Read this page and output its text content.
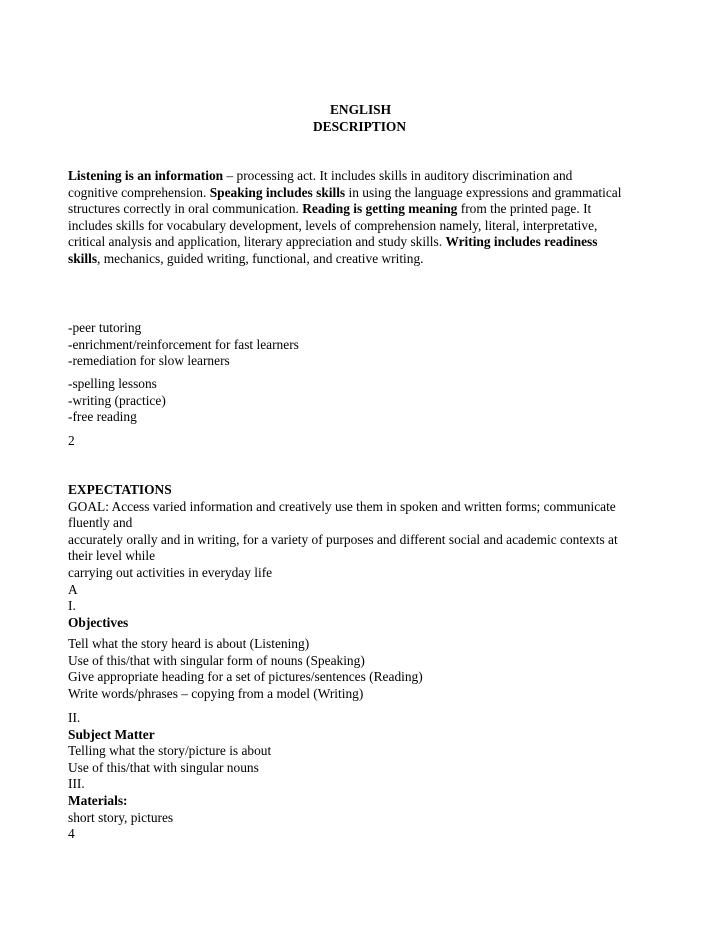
ENGLISH
DESCRIPTION
Listening is an information – processing act. It includes skills in auditory discrimination and
cognitive comprehension. Speaking includes skills in using the language expressions and grammatical
structures correctly in oral communication. Reading is getting meaning from the printed page. It
includes skills for vocabulary development, levels of comprehension namely, literal, interpretative,
critical analysis and application, literary appreciation and study skills. Writing includes readiness
skills, mechanics, guided writing, functional, and creative writing.
-peer tutoring
-enrichment/reinforcement for fast learners
-remediation for slow learners
-spelling lessons
-writing (practice)
-free reading
2
EXPECTATIONS
GOAL: Access varied information and creatively use them in spoken and written forms; communicate
fluently and
accurately orally and in writing, for a variety of purposes and different social and academic contexts at
their level while
carrying out activities in everyday life
A
I.
Objectives
Tell what the story heard is about (Listening)
Use of this/that with singular form of nouns (Speaking)
Give appropriate heading for a set of pictures/sentences (Reading)
Write words/phrases – copying from a model (Writing)
II.
Subject Matter
Telling what the story/picture is about
Use of this/that with singular nouns
III.
Materials:
short story, pictures
4
